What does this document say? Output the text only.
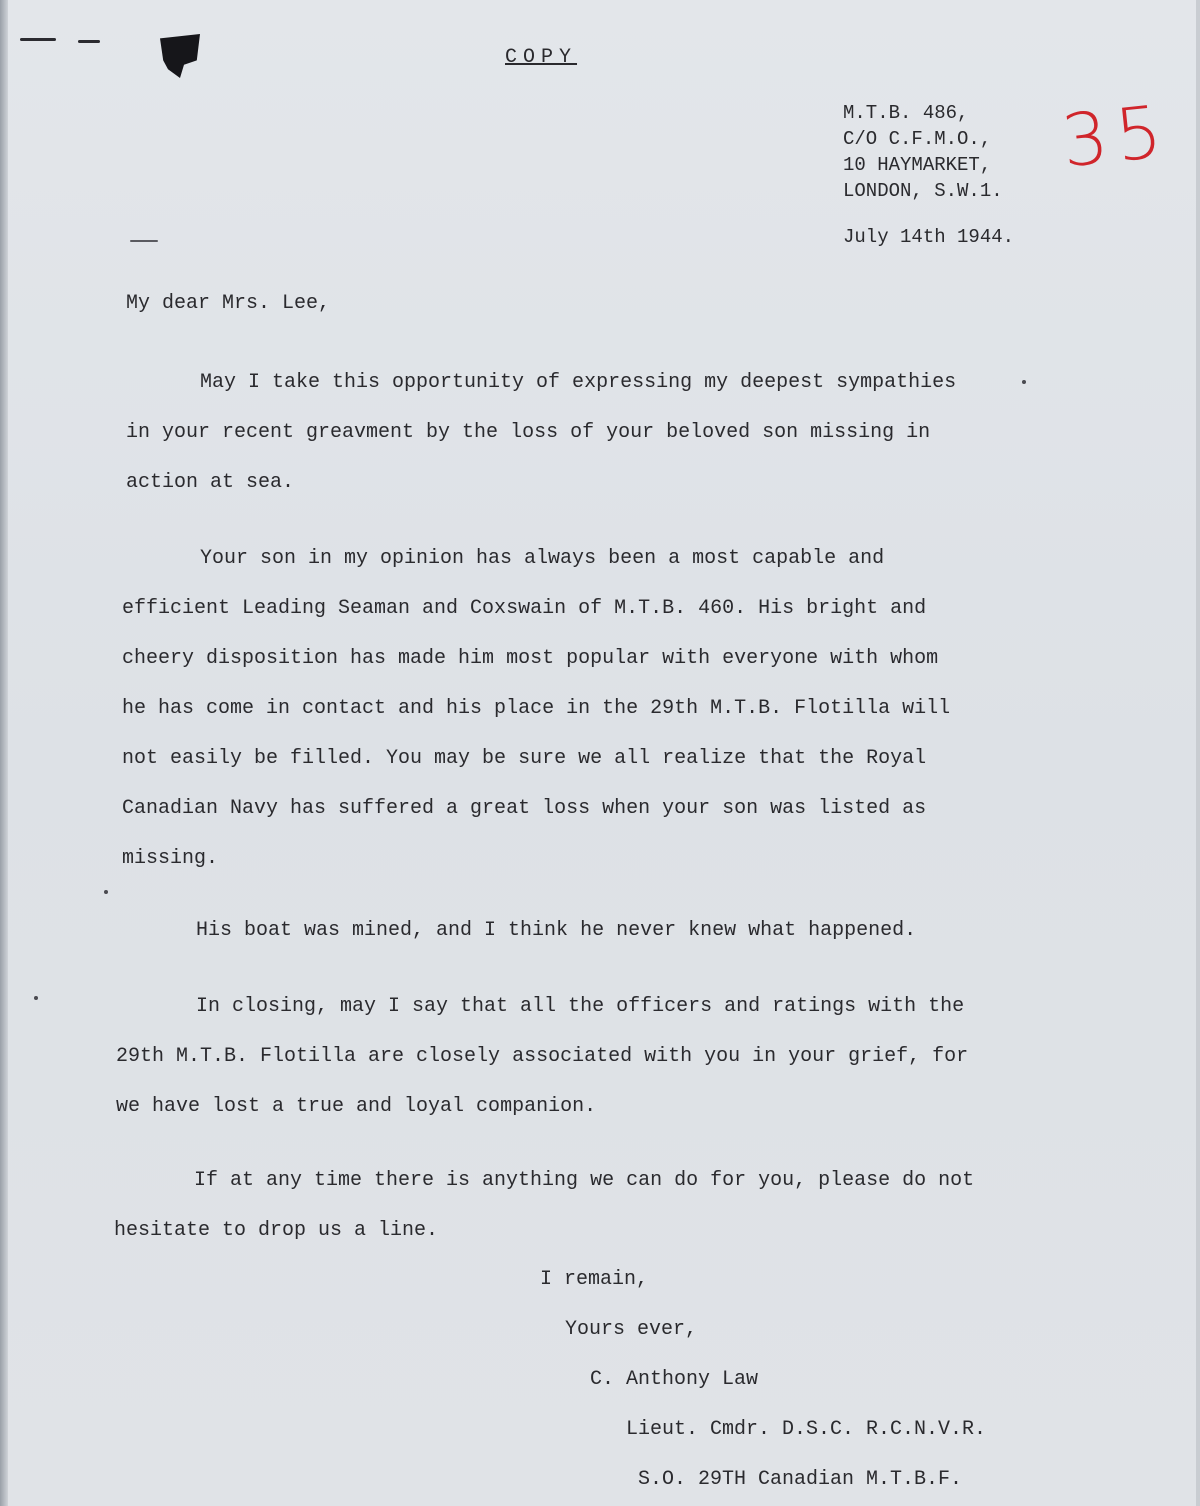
COPY
35
M.T.B. 486,
C/O C.F.M.O.,
10 HAYMARKET,
LONDON, S.W.1.
July 14th 1944.
My dear Mrs. Lee,
May I take this opportunity of expressing my deepest sympathies
in your recent greavment by the loss of your beloved son missing in
action at sea.
Your son in my opinion has always been a most capable and
efficient Leading Seaman and Coxswain of M.T.B. 460. His bright and
cheery disposition has made him most popular with everyone with whom
he has come in contact and his place in the 29th M.T.B. Flotilla will
not easily be filled. You may be sure we all realize that the Royal
Canadian Navy has suffered a great loss when your son was listed as
missing.
His boat was mined, and I think he never knew what happened.
In closing, may I say that all the officers and ratings with the
29th M.T.B. Flotilla are closely associated with you in your grief, for
we have lost a true and loyal companion.
If at any time there is anything we can do for you, please do not
hesitate to drop us a line.
I remain,
Yours ever,
C. Anthony Law
Lieut. Cmdr. D.S.C. R.C.N.V.R.
S.O. 29TH Canadian M.T.B.F.
